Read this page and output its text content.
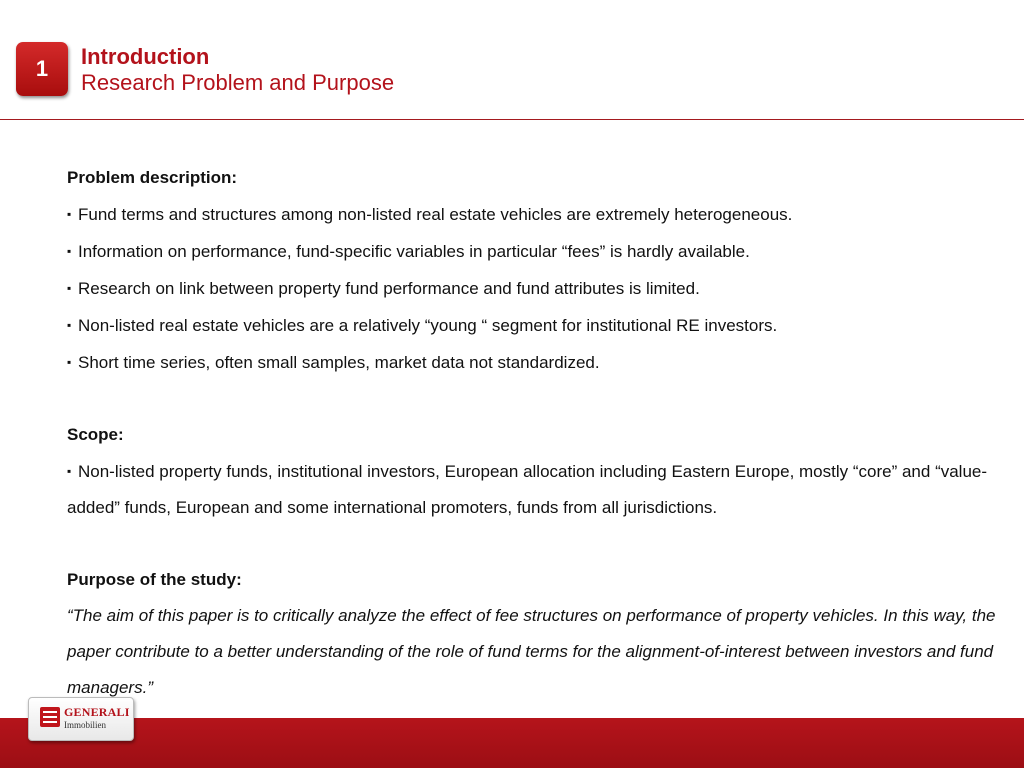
1	Introduction
Research Problem and Purpose
Problem description:
▪ Fund terms and structures among non-listed real estate vehicles are extremely heterogeneous.
▪ Information on performance, fund-specific variables in particular “fees” is hardly available.
▪ Research on link between property fund performance and fund attributes is limited.
▪ Non-listed real estate vehicles are a relatively “young “ segment for institutional RE investors.
▪ Short time series, often small samples, market data not standardized.
Scope:
▪ Non-listed property funds, institutional investors, European allocation including Eastern Europe, mostly “core” and “value-added” funds, European and some international promoters, funds from all jurisdictions.
Purpose of the study:
“The aim of this paper is to critically analyze the effect of fee structures on performance of property vehicles. In this way, the paper contribute to a better understanding of the role of fund terms for the alignment-of-interest between investors and fund managers.”
GENERALI
Immobilien
